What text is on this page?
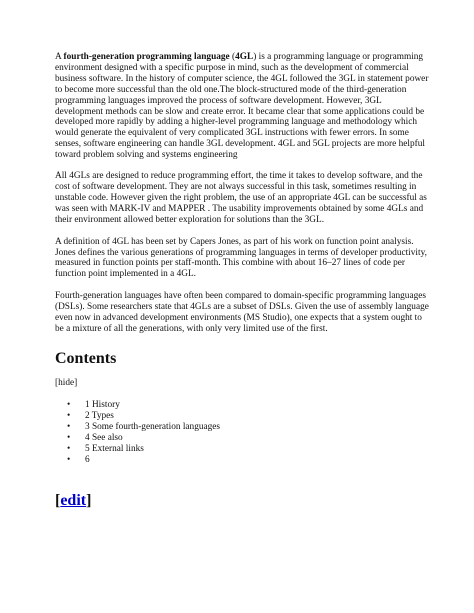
A fourth-generation programming language (4GL) is a programming language or programming environment designed with a specific purpose in mind, such as the development of commercial business software. In the history of computer science, the 4GL followed the 3GL in statement power to become more successful than the old one.The block-structured mode of the third-generation programming languages improved the process of software development. However, 3GL development methods can be slow and create error. It became clear that some applications could be developed more rapidly by adding a higher-level programming language and methodology which would generate the equivalent of very complicated 3GL instructions with fewer errors. In some senses, software engineering can handle 3GL development. 4GL and 5GL projects are more helpful toward problem solving and systems engineering

All 4GLs are designed to reduce programming effort, the time it takes to develop software, and the cost of software development. They are not always successful in this task, sometimes resulting in unstable code. However given the right problem, the use of an appropriate 4GL can be successful as was seen with MARK-IV and MAPPER . The usability improvements obtained by some 4GLs and their environment allowed better exploration for solutions than the 3GL.

A definition of 4GL has been set by Capers Jones, as part of his work on function point analysis. Jones defines the various generations of programming languages in terms of developer productivity, measured in function points per staff-month. This combine with about 16–27 lines of code per function point implemented in a 4GL.

Fourth-generation languages have often been compared to domain-specific programming languages (DSLs). Some researchers state that 4GLs are a subset of DSLs. Given the use of assembly language even now in advanced development environments (MS Studio), one expects that a system ought to be a mixture of all the generations, with only very limited use of the first.

Contents
[hide]
• 1 History
• 2 Types
• 3 Some fourth-generation languages
• 4 See also
• 5 External links
• 6
[edit]
